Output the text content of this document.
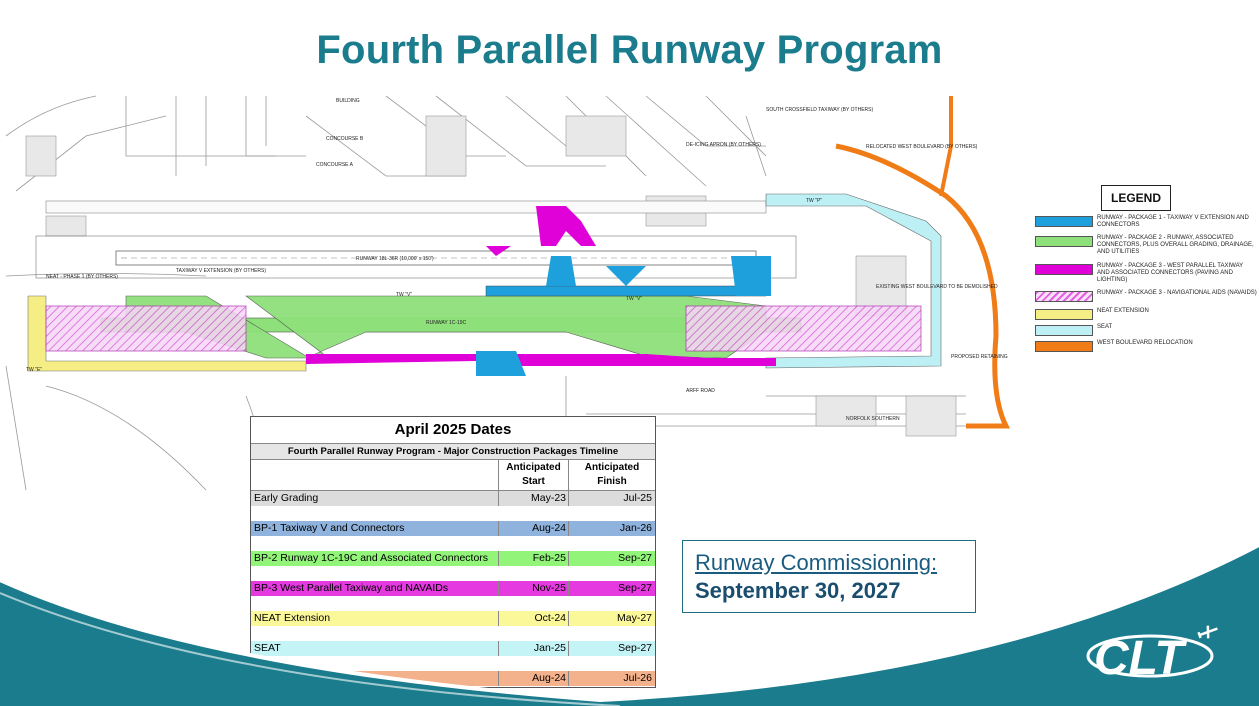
Fourth Parallel Runway Program
BUILDING
CONCOURSE B
CONCOURSE A
DE-ICING APRON (BY OTHERS)
SOUTH CROSSFIELD TAXIWAY (BY OTHERS)
RELOCATED WEST BOULEVARD (BY OTHERS)
RUNWAY 18L-36R (10,000' x 150')
RUNWAY 1C-19C
TAXIWAY V EXTENSION (BY OTHERS)
NEAT - PHASE 1 (BY OTHERS)
EXISTING WEST BOULEVARD TO BE DEMOLISHED
ARFF ROAD
NORFOLK SOUTHERN
PROPOSED RETAINING
TW "V"
TW "V"
TW "E"
TW "P"	LEGEND
RUNWAY - PACKAGE 1 - TAXIWAY V EXTENSION AND CONNECTORS
RUNWAY - PACKAGE 2 - RUNWAY, ASSOCIATED CONNECTORS, PLUS OVERALL GRADING, DRAINAGE, AND UTILITIES
RUNWAY - PACKAGE 3 - WEST PARALLEL TAXIWAY AND ASSOCIATED CONNECTORS (PAVING AND LIGHTING)
RUNWAY - PACKAGE 3 - NAVIGATIONAL AIDS (NAVAIDS)
NEAT EXTENSION
SEAT
WEST BOULEVARD RELOCATION
April 2025 Dates
Fourth Parallel Runway Program - Major Construction Packages Timeline
Anticipated
Start
Anticipated
Finish
Early Grading	May-23	Jul-25
BP-1 Taxiway V and Connectors	Aug-24	Jan-26
BP-2 Runway 1C-19C and Associated Connectors	Feb-25	Sep-27
BP-3 West Parallel Taxiway and NAVAIDs	Nov-25	Sep-27
NEAT Extension	Oct-24	May-27
SEAT	Jan-25	Sep-27
Aug-24	Jul-26
Runway Commissioning:
September 30, 2027
CLT
